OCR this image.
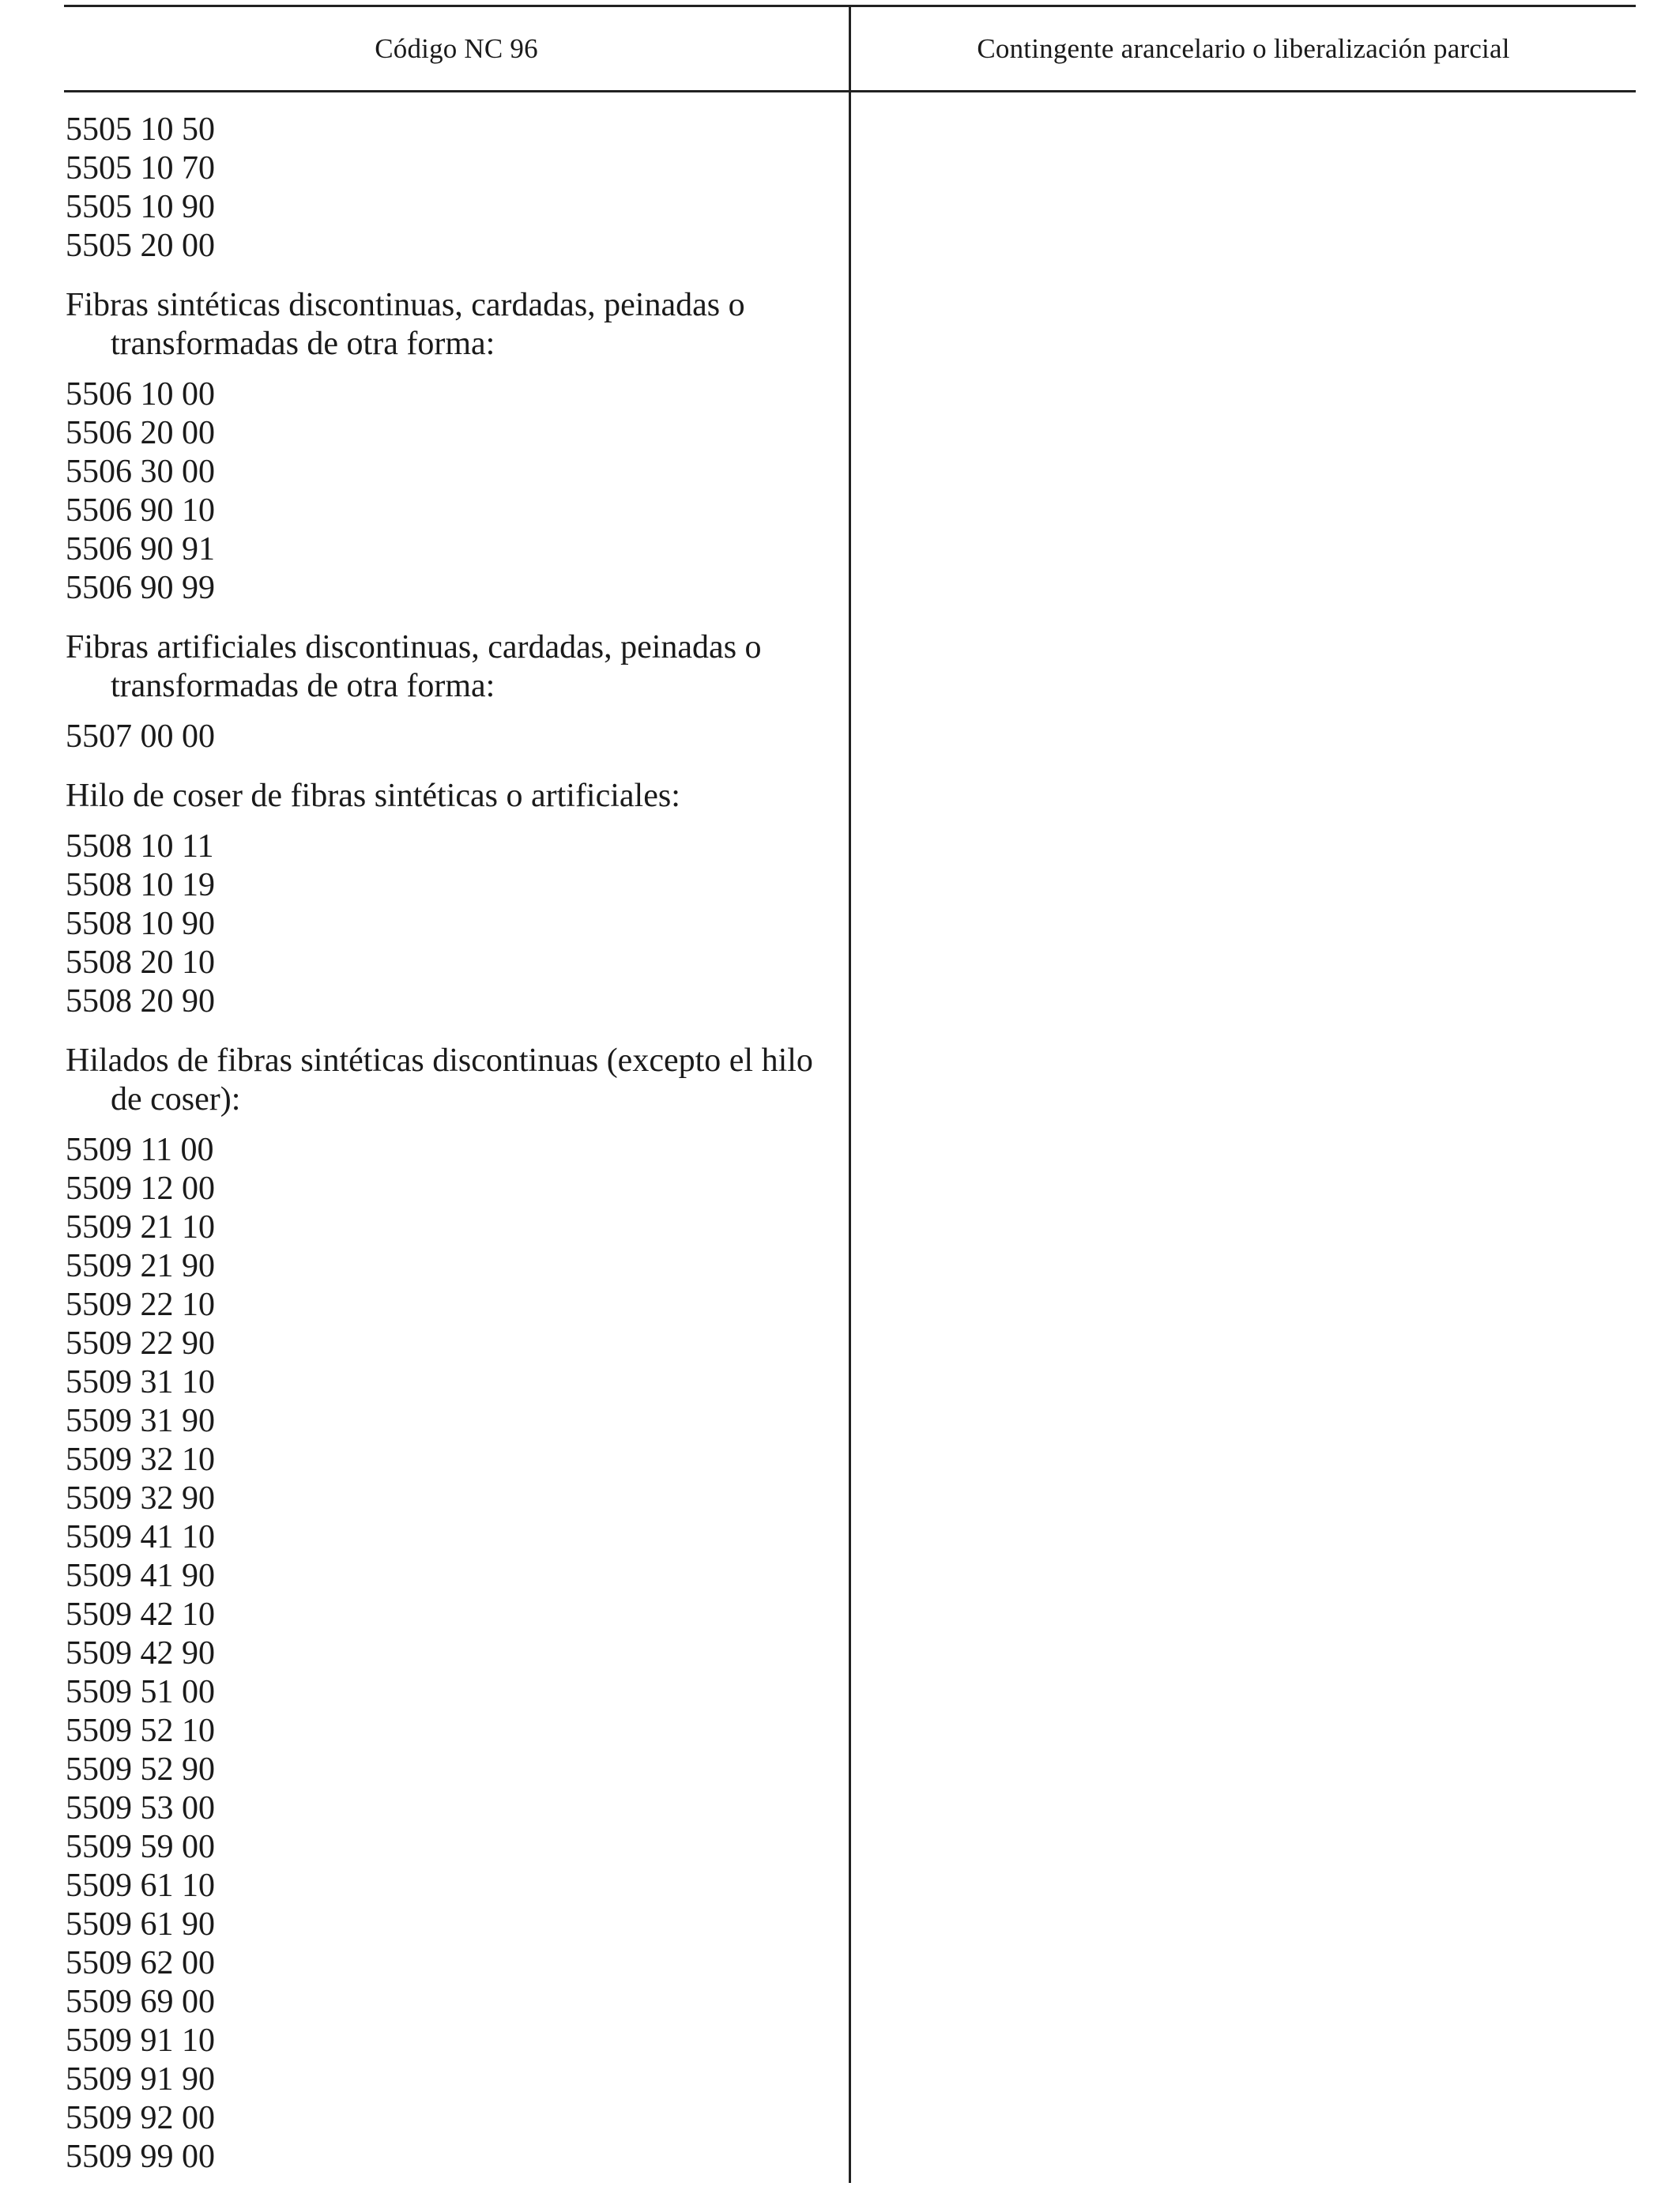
Código NC 96	Contingente arancelario o liberalización parcial
5505 10 50
5505 10 70
5505 10 90
5505 20 00
Fibras sintéticas discontinuas, cardadas, peinadas o transformadas de otra forma:
5506 10 00
5506 20 00
5506 30 00
5506 90 10
5506 90 91
5506 90 99
Fibras artificiales discontinuas, cardadas, peinadas o transformadas de otra forma:
5507 00 00
Hilo de coser de fibras sintéticas o artificiales:
5508 10 11
5508 10 19
5508 10 90
5508 20 10
5508 20 90
Hilados de fibras sintéticas discontinuas (excepto el hilo de coser):
5509 11 00
5509 12 00
5509 21 10
5509 21 90
5509 22 10
5509 22 90
5509 31 10
5509 31 90
5509 32 10
5509 32 90
5509 41 10
5509 41 90
5509 42 10
5509 42 90
5509 51 00
5509 52 10
5509 52 90
5509 53 00
5509 59 00
5509 61 10
5509 61 90
5509 62 00
5509 69 00
5509 91 10
5509 91 90
5509 92 00
5509 99 00
